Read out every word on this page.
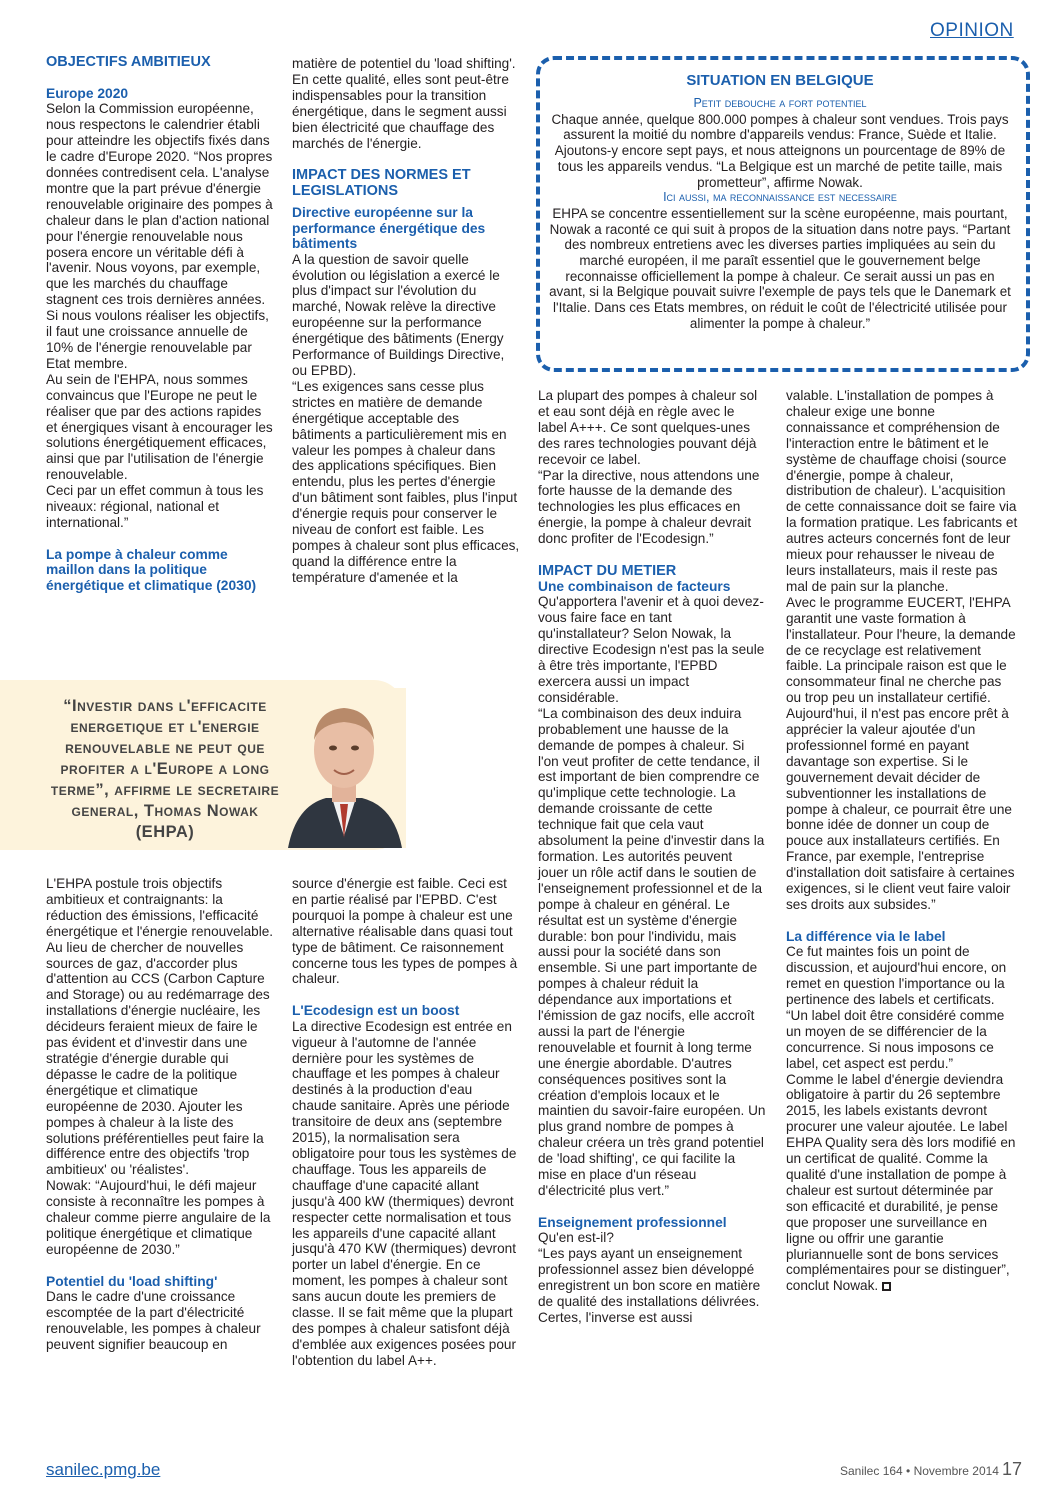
OPINION

OBJECTIFS AMBITIEUX

Europe 2020

Selon la Commission européenne, nous respectons le calendrier établi pour atteindre les objectifs fixés dans le cadre d'Europe 2020. “Nos propres données contredisent cela. L'analyse montre que la part prévue d'énergie renouvelable originaire des pompes à chaleur dans le plan d'action national pour l'énergie renouvelable nous posera encore un véritable défi à l'avenir. Nous voyons, par exemple, que les marchés du chauffage stagnent ces trois dernières années.

Si nous voulons réaliser les objectifs, il faut une croissance annuelle de 10% de l'énergie renouvelable par Etat membre.

Au sein de l'EHPA, nous sommes convaincus que l'Europe ne peut le réaliser que par des actions rapides et énergiques visant à encourager les solutions énergétiquement efficaces, ainsi que par l'utilisation de l'énergie renouvelable.

Ceci par un effet commun à tous les niveaux: régional, national et international.”

La pompe à chaleur comme maillon dans la politique énergétique et climatique (2030)

matière de potentiel du 'load shifting'. En cette qualité, elles sont peut-être indispensables pour la transition énergétique, dans le segment aussi bien électricité que chauffage des marchés de l'énergie.

IMPACT DES NORMES ET LEGISLATIONS

Directive européenne sur la performance énergétique des bâtiments

A la question de savoir quelle évolution ou législation a exercé le plus d'impact sur l'évolution du marché, Nowak relève la directive européenne sur la performance énergétique des bâtiments (Energy Performance of Buildings Directive, ou EPBD).

“Les exigences sans cesse plus strictes en matière de demande énergétique acceptable des bâtiments a particulièrement mis en valeur les pompes à chaleur dans des applications spécifiques. Bien entendu, plus les pertes d'énergie d'un bâtiment sont faibles, plus l'input d'énergie requis pour conserver le niveau de confort est faible. Les pompes à chaleur sont plus efficaces, quand la différence entre la température d'amenée et la

“Investir dans l'efficacite energetique et l'energie renouvelable ne peut que profiter a l'Europe a long terme”, affirme le secretaire general, Thomas Nowak (EHPA)

L'EHPA postule trois objectifs ambitieux et contraignants: la réduction des émissions, l'efficacité énergétique et l'énergie renouvelable. Au lieu de chercher de nouvelles sources de gaz, d'accorder plus d'attention au CCS (Carbon Capture and Storage) ou au redémarrage des installations d'énergie nucléaire, les décideurs feraient mieux de faire le pas évident et d'investir dans une stratégie d'énergie durable qui dépasse le cadre de la politique énergétique et climatique européenne de 2030. Ajouter les pompes à chaleur à la liste des solutions préférentielles peut faire la différence entre des objectifs 'trop ambitieux' ou 'réalistes'.

Nowak: “Aujourd'hui, le défi majeur consiste à reconnaître les pompes à chaleur comme pierre angulaire de la politique énergétique et climatique européenne de 2030.”

Potentiel du 'load shifting'

Dans le cadre d'une croissance escomptée de la part d'électricité renouvelable, les pompes à chaleur peuvent signifier beaucoup en

source d'énergie est faible. Ceci est en partie réalisé par l'EPBD. C'est pourquoi la pompe à chaleur est une alternative réalisable dans quasi tout type de bâtiment. Ce raisonnement concerne tous les types de pompes à chaleur.

L'Ecodesign est un boost

La directive Ecodesign est entrée en vigueur à l'automne de l'année dernière pour les systèmes de chauffage et les pompes à chaleur destinés à la production d'eau chaude sanitaire. Après une période transitoire de deux ans (septembre 2015), la normalisation sera obligatoire pour tous les systèmes de chauffage. Tous les appareils de chauffage d'une capacité allant jusqu'à 400 kW (thermiques) devront respecter cette normalisation et tous les appareils d'une capacité allant jusqu'à 470 KW (thermiques) devront porter un label d'énergie. En ce moment, les pompes à chaleur sont sans aucun doute les premiers de classe. Il se fait même que la plupart des pompes à chaleur satisfont déjà d'emblée aux exigences posées pour l'obtention du label A++.

SITUATION EN BELGIQUE

Petit debouche a fort potentiel

Chaque année, quelque 800.000 pompes à chaleur sont vendues. Trois pays assurent la moitié du nombre d'appareils vendus: France, Suède et Italie. Ajoutons-y encore sept pays, et nous atteignons un pourcentage de 89% de tous les appareils vendus. “La Belgique est un marché de petite taille, mais prometteur”, affirme Nowak.

Ici aussi, ma reconnaissance est necessaire

EHPA se concentre essentiellement sur la scène européenne, mais pourtant, Nowak a raconté ce qui suit à propos de la situation dans notre pays. “Partant des nombreux entretiens avec les diverses parties impliquées au sein du marché européen, il me paraît essentiel que le gouvernement belge reconnaisse officiellement la pompe à chaleur. Ce serait aussi un pas en avant, si la Belgique pouvait suivre l'exemple de pays tels que le Danemark et l'Italie. Dans ces Etats membres, on réduit le coût de l'électricité utilisée pour alimenter la pompe à chaleur.”

La plupart des pompes à chaleur sol et eau sont déjà en règle avec le label A+++. Ce sont quelques-unes des rares technologies pouvant déjà recevoir ce label.

“Par la directive, nous attendons une forte hausse de la demande des technologies les plus efficaces en énergie, la pompe à chaleur devrait donc profiter de l'Ecodesign.”

IMPACT DU METIER

Une combinaison de facteurs

Qu'apportera l'avenir et à quoi devez-vous faire face en tant qu'installateur? Selon Nowak, la directive Ecodesign n'est pas la seule à être très importante, l'EPBD exercera aussi un impact considérable.

“La combinaison des deux induira probablement une hausse de la demande de pompes à chaleur. Si l'on veut profiter de cette tendance, il est important de bien comprendre ce qu'implique cette technologie. La demande croissante de cette technique fait que cela vaut absolument la peine d'investir dans la formation. Les autorités peuvent jouer un rôle actif dans le soutien de l'enseignement professionnel et de la pompe à chaleur en général. Le résultat est un système d'énergie durable: bon pour l'individu, mais aussi pour la société dans son ensemble. Si une part importante de pompes à chaleur réduit la dépendance aux importations et l'émission de gaz nocifs, elle accroît aussi la part de l'énergie renouvelable et fournit à long terme une énergie abordable. D'autres conséquences positives sont la création d'emplois locaux et le maintien du savoir-faire européen. Un plus grand nombre de pompes à chaleur créera un très grand potentiel de 'load shifting', ce qui facilite la mise en place d'un réseau d'électricité plus vert.”

Enseignement professionnel

Qu'en est-il?

“Les pays ayant un enseignement professionnel assez bien développé enregistrent un bon score en matière de qualité des installations délivrées. Certes, l'inverse est aussi

valable. L'installation de pompes à chaleur exige une bonne connaissance et compréhension de l'interaction entre le bâtiment et le système de chauffage choisi (source d'énergie, pompe à chaleur, distribution de chaleur). L'acquisition de cette connaissance doit se faire via la formation pratique. Les fabricants et autres acteurs concernés font de leur mieux pour rehausser le niveau de leurs installateurs, mais il reste pas mal de pain sur la planche.

Avec le programme EUCERT, l'EHPA garantit une vaste formation à l'installateur. Pour l'heure, la demande de ce recyclage est relativement faible. La principale raison est que le consommateur final ne cherche pas ou trop peu un installateur certifié. Aujourd'hui, il n'est pas encore prêt à apprécier la valeur ajoutée d'un professionnel formé en payant davantage son expertise. Si le gouvernement devait décider de subventionner les installations de pompe à chaleur, ce pourrait être une bonne idée de donner un coup de pouce aux installateurs certifiés. En France, par exemple, l'entreprise d'installation doit satisfaire à certaines exigences, si le client veut faire valoir ses droits aux subsides.”

La différence via le label

Ce fut maintes fois un point de discussion, et aujourd'hui encore, on remet en question l'importance ou la pertinence des labels et certificats. “Un label doit être considéré comme un moyen de se différencier de la concurrence. Si nous imposons ce label, cet aspect est perdu.”

Comme le label d'énergie deviendra obligatoire à partir du 26 septembre 2015, les labels existants devront procurer une valeur ajoutée. Le label EHPA Quality sera dès lors modifié en un certificat de qualité. Comme la qualité d'une installation de pompe à chaleur est surtout déterminée par son efficacité et durabilité, je pense que proposer une surveillance en ligne ou offrir une garantie pluriannuelle sont de bons services complémentaires pour se distinguer”, conclut Nowak.

sanilec.pmg.be	Sanilec 164 • Novembre 2014 17
